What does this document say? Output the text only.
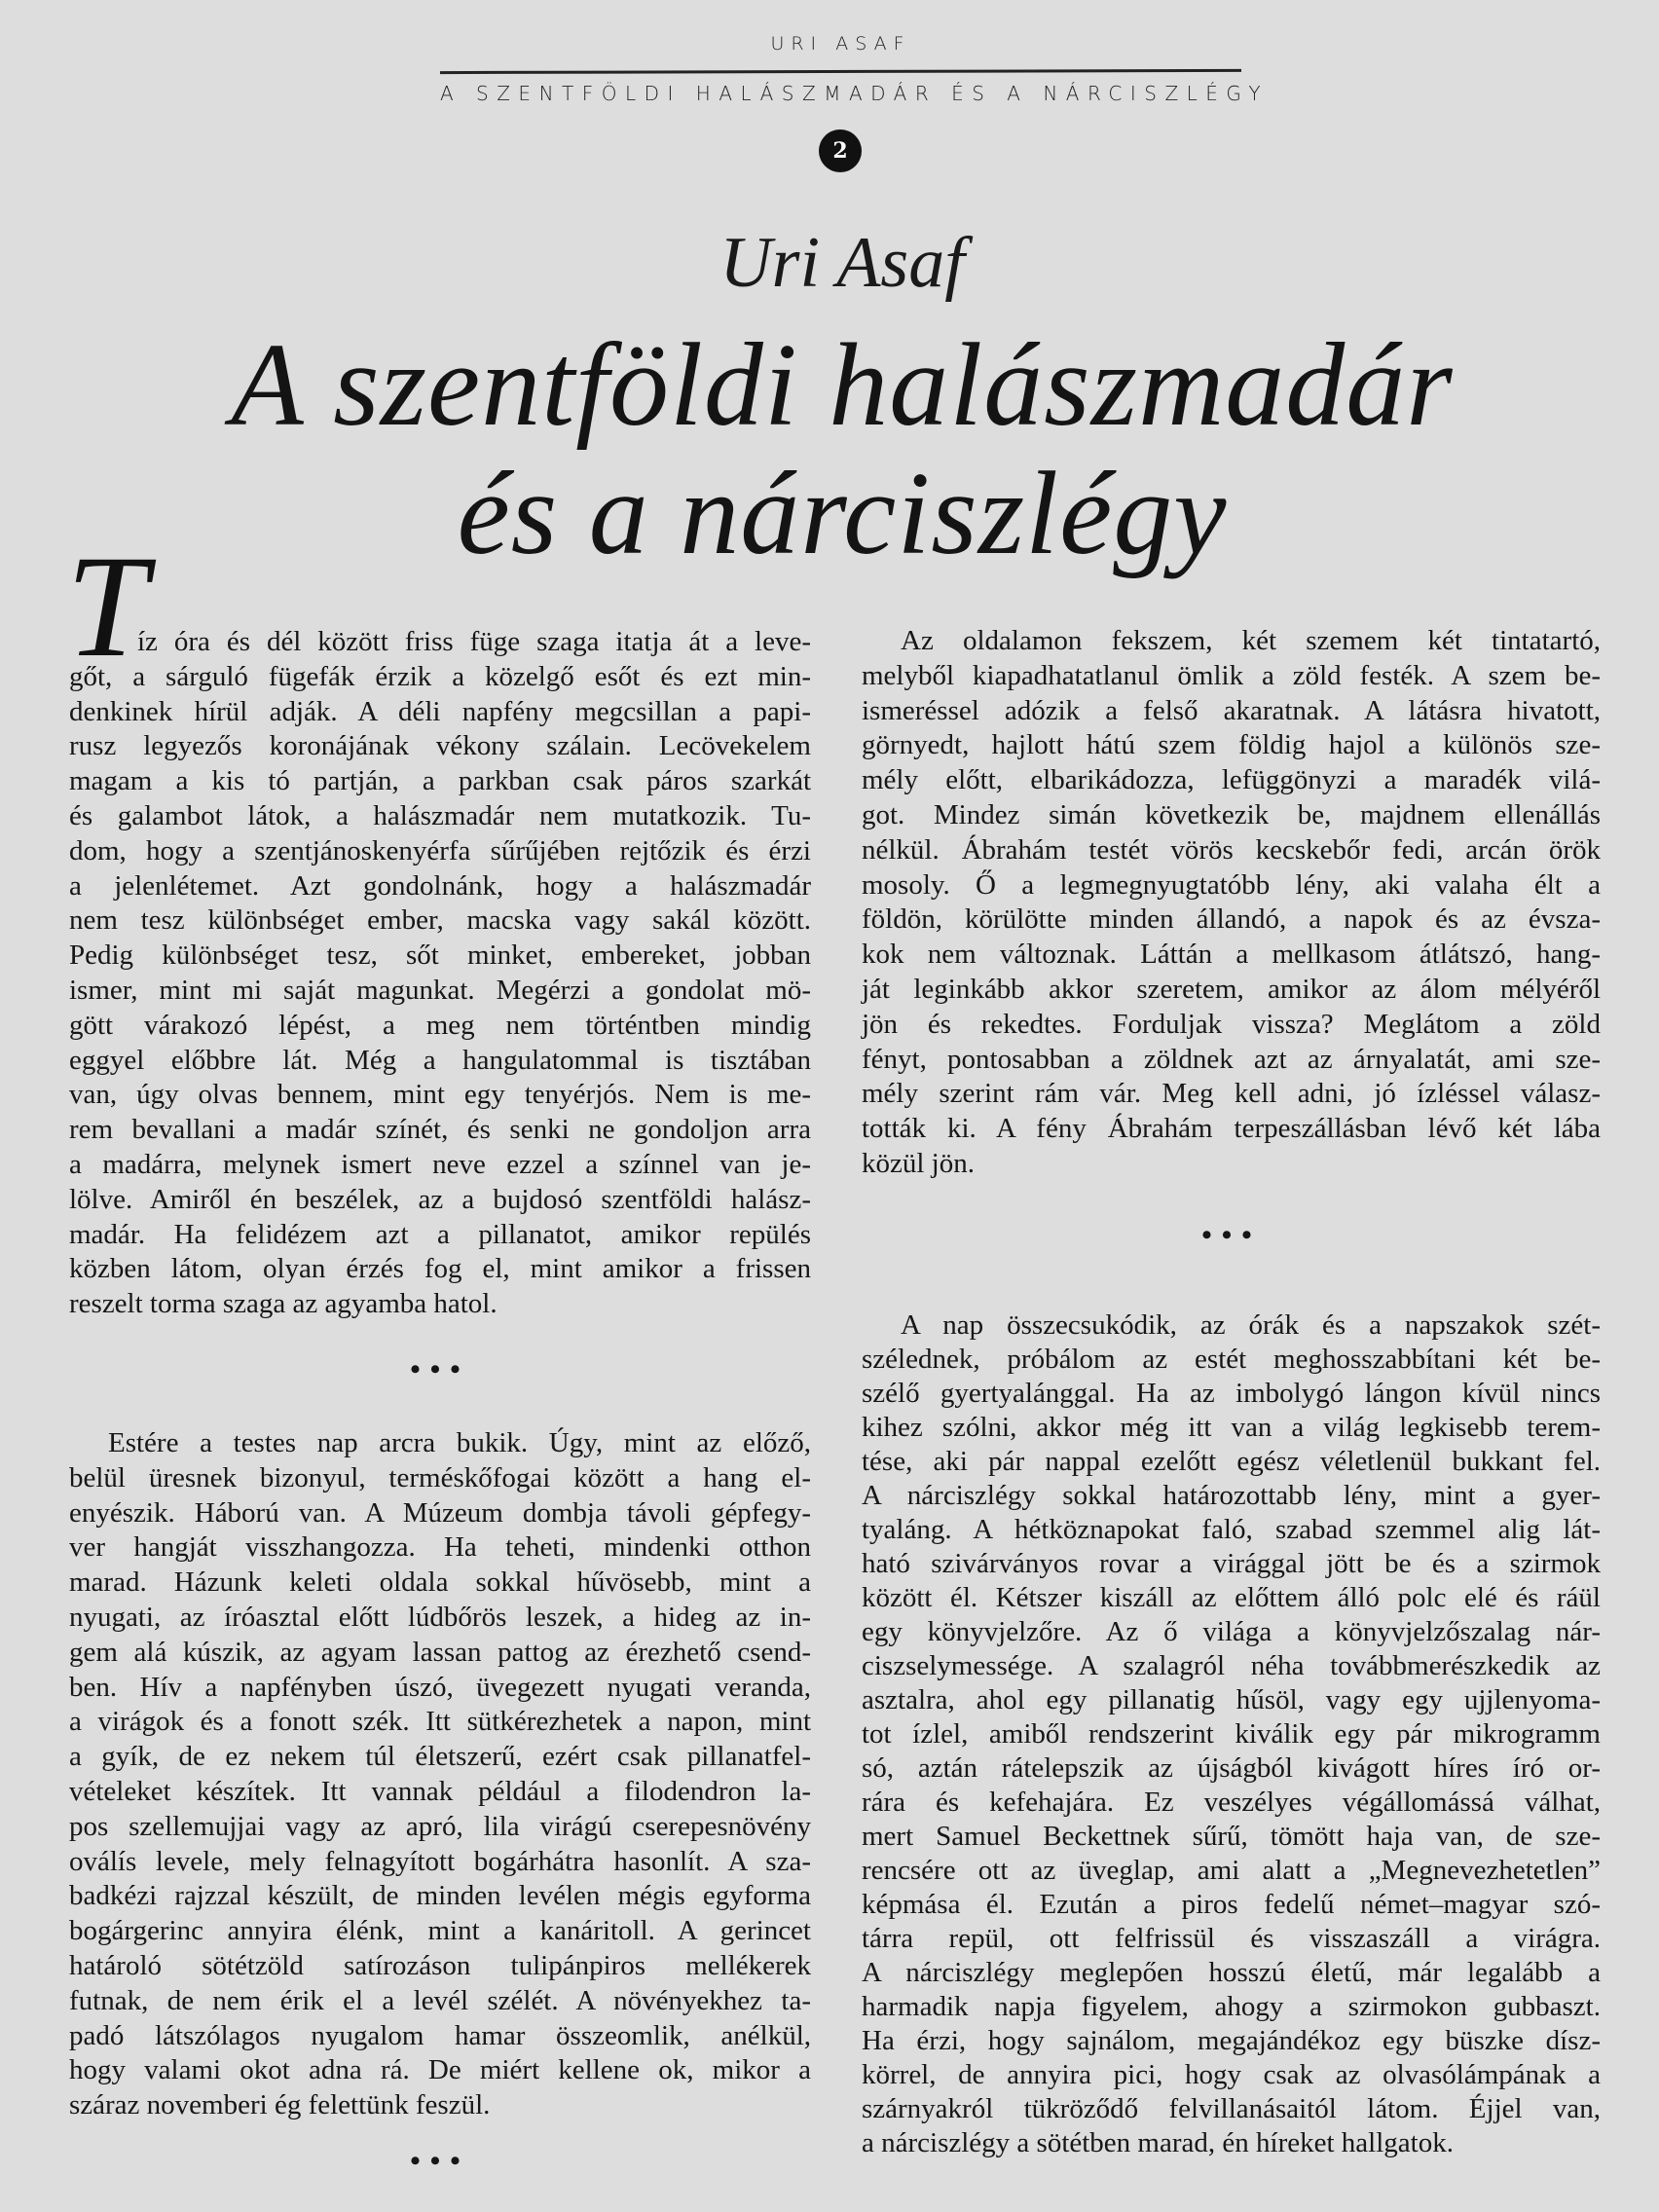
URI ASAF
A SZENTFÖLDI HALÁSZMADÁR ÉS A NÁRCISZLÉGY
2
Uri Asaf
A szentföldi halászmadár
és a nárciszlégy
T
íz óra és dél között friss füge szaga itatja át a leve-
gőt, a sárguló fügefák érzik a közelgő esőt és ezt min-
denkinek hírül adják. A déli napfény megcsillan a papi-
rusz legyezős koronájának vékony szálain. Lecövekelem
magam a kis tó partján, a parkban csak páros szarkát
és galambot látok, a halászmadár nem mutatkozik. Tu-
dom, hogy a szentjánoskenyérfa sűrűjében rejtőzik és érzi
a jelenlétemet. Azt gondolnánk, hogy a halászmadár
nem tesz különbséget ember, macska vagy sakál között.
Pedig különbséget tesz, sőt minket, embereket, jobban
ismer, mint mi saját magunkat. Megérzi a gondolat mö-
gött várakozó lépést, a meg nem történtben mindig
eggyel előbbre lát. Még a hangulatommal is tisztában
van, úgy olvas bennem, mint egy tenyérjós. Nem is me-
rem bevallani a madár színét, és senki ne gondoljon arra
a madárra, melynek ismert neve ezzel a színnel van je-
lölve. Amiről én beszélek, az a bujdosó szentföldi halász-
madár. Ha felidézem azt a pillanatot, amikor repülés
közben látom, olyan érzés fog el, mint amikor a frissen
reszelt torma szaga az agyamba hatol.
•••
Estére a testes nap arcra bukik. Úgy, mint az előző,
belül üresnek bizonyul, terméskőfogai között a hang el-
enyészik. Háború van. A Múzeum dombja távoli gépfegy-
ver hangját visszhangozza. Ha teheti, mindenki otthon
marad. Házunk keleti oldala sokkal hűvösebb, mint a
nyugati, az íróasztal előtt lúdbőrös leszek, a hideg az in-
gem alá kúszik, az agyam lassan pattog az érezhető csend-
ben. Hív a napfényben úszó, üvegezett nyugati veranda,
a virágok és a fonott szék. Itt sütkérezhetek a napon, mint
a gyík, de ez nekem túl életszerű, ezért csak pillanatfel-
vételeket készítek. Itt vannak például a filodendron la-
pos szellemujjai vagy az apró, lila virágú cserepesnövény
oválís levele, mely felnagyított bogárhátra hasonlít. A sza-
badkézi rajzzal készült, de minden levélen mégis egyforma
bogárgerinc annyira élénk, mint a kanáritoll. A gerincet
határoló sötétzöld satírozáson tulipánpiros mellékerek
futnak, de nem érik el a levél szélét. A növényekhez ta-
padó látszólagos nyugalom hamar összeomlik, anélkül,
hogy valami okot adna rá. De miért kellene ok, mikor a
száraz novemberi ég felettünk feszül.
•••
Az oldalamon fekszem, két szemem két tintatartó,
melyből kiapadhatatlanul ömlik a zöld festék. A szem be-
ismeréssel adózik a felső akaratnak. A látásra hivatott,
görnyedt, hajlott hátú szem földig hajol a különös sze-
mély előtt, elbarikádozza, lefüggönyzi a maradék vilá-
got. Mindez simán következik be, majdnem ellenállás
nélkül. Ábrahám testét vörös kecskebőr fedi, arcán örök
mosoly. Ő a legmegnyugtatóbb lény, aki valaha élt a
földön, körülötte minden állandó, a napok és az évsza-
kok nem változnak. Láttán a mellkasom átlátszó, hang-
ját leginkább akkor szeretem, amikor az álom mélyéről
jön és rekedtes. Forduljak vissza? Meglátom a zöld
fényt, pontosabban a zöldnek azt az árnyalatát, ami sze-
mély szerint rám vár. Meg kell adni, jó ízléssel válasz-
tották ki. A fény Ábrahám terpeszállásban lévő két lába
közül jön.
•••
A nap összecsukódik, az órák és a napszakok szét-
szélednek, próbálom az estét meghosszabbítani két be-
szélő gyertyalánggal. Ha az imbolygó lángon kívül nincs
kihez szólni, akkor még itt van a világ legkisebb terem-
tése, aki pár nappal ezelőtt egész véletlenül bukkant fel.
A nárciszlégy sokkal határozottabb lény, mint a gyer-
tyaláng. A hétköznapokat faló, szabad szemmel alig lát-
ható szivárványos rovar a virággal jött be és a szirmok
között él. Kétszer kiszáll az előttem álló polc elé és ráül
egy könyvjelzőre. Az ő világa a könyvjelzőszalag nár-
ciszselymessége. A szalagról néha továbbmerészkedik az
asztalra, ahol egy pillanatig hűsöl, vagy egy ujjlenyoma-
tot ízlel, amiből rendszerint kiválik egy pár mikrogramm
só, aztán rátelepszik az újságból kivágott híres író or-
rára és kefehajára. Ez veszélyes végállomássá válhat,
mert Samuel Beckettnek sűrű, tömött haja van, de sze-
rencsére ott az üveglap, ami alatt a „Megnevezhetetlen”
képmása él. Ezután a piros fedelű német–magyar szó-
tárra repül, ott felfrissül és visszaszáll a virágra.
A nárciszlégy meglepően hosszú életű, már legalább a
harmadik napja figyelem, ahogy a szirmokon gubbaszt.
Ha érzi, hogy sajnálom, megajándékoz egy büszke dísz-
körrel, de annyira pici, hogy csak az olvasólámpának a
szárnyakról tükröződő felvillanásaitól látom. Éjjel van,
a nárciszlégy a sötétben marad, én híreket hallgatok.
